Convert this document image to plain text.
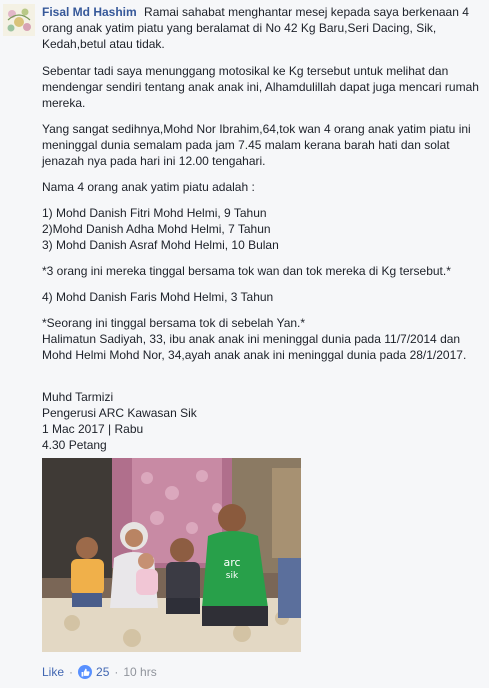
Fisal Md Hashim Ramai sahabat menghantar mesej kepada saya berkenaan 4 orang anak yatim piatu yang beralamat di No 42 Kg Baru,Seri Dacing, Sik, Kedah,betul atau tidak.
Sebentar tadi saya menunggang motosikal ke Kg tersebut untuk melihat dan mendengar sendiri tentang anak anak ini, Alhamdulillah dapat juga mencari rumah mereka.
Yang sangat sedihnya,Mohd Nor Ibrahim,64,tok wan 4 orang anak yatim piatu ini meninggal dunia semalam pada jam 7.45 malam kerana barah hati dan solat jenazah nya pada hari ini 12.00 tengahari.
Nama 4 orang anak yatim piatu adalah :
1) Mohd Danish Fitri Mohd Helmi, 9 Tahun
2)Mohd Danish Adha Mohd Helmi, 7 Tahun
3) Mohd Danish Asraf Mohd Helmi, 10 Bulan
*3 orang ini mereka tinggal bersama tok wan dan tok mereka di Kg tersebut.*
4) Mohd Danish Faris Mohd Helmi, 3 Tahun
*Seorang ini tinggal bersama tok di sebelah Yan.*
Halimatun Sadiyah, 33, ibu anak anak ini meninggal dunia pada 11/7/2014 dan Mohd Helmi Mohd Nor, 34,ayah anak anak ini meninggal dunia pada 28/1/2017.
Muhd Tarmizi
Pengerusi ARC Kawasan Sik
1 Mac 2017 | Rabu
4.30 Petang
arc
sik
Like · 25 · 10 hrs
